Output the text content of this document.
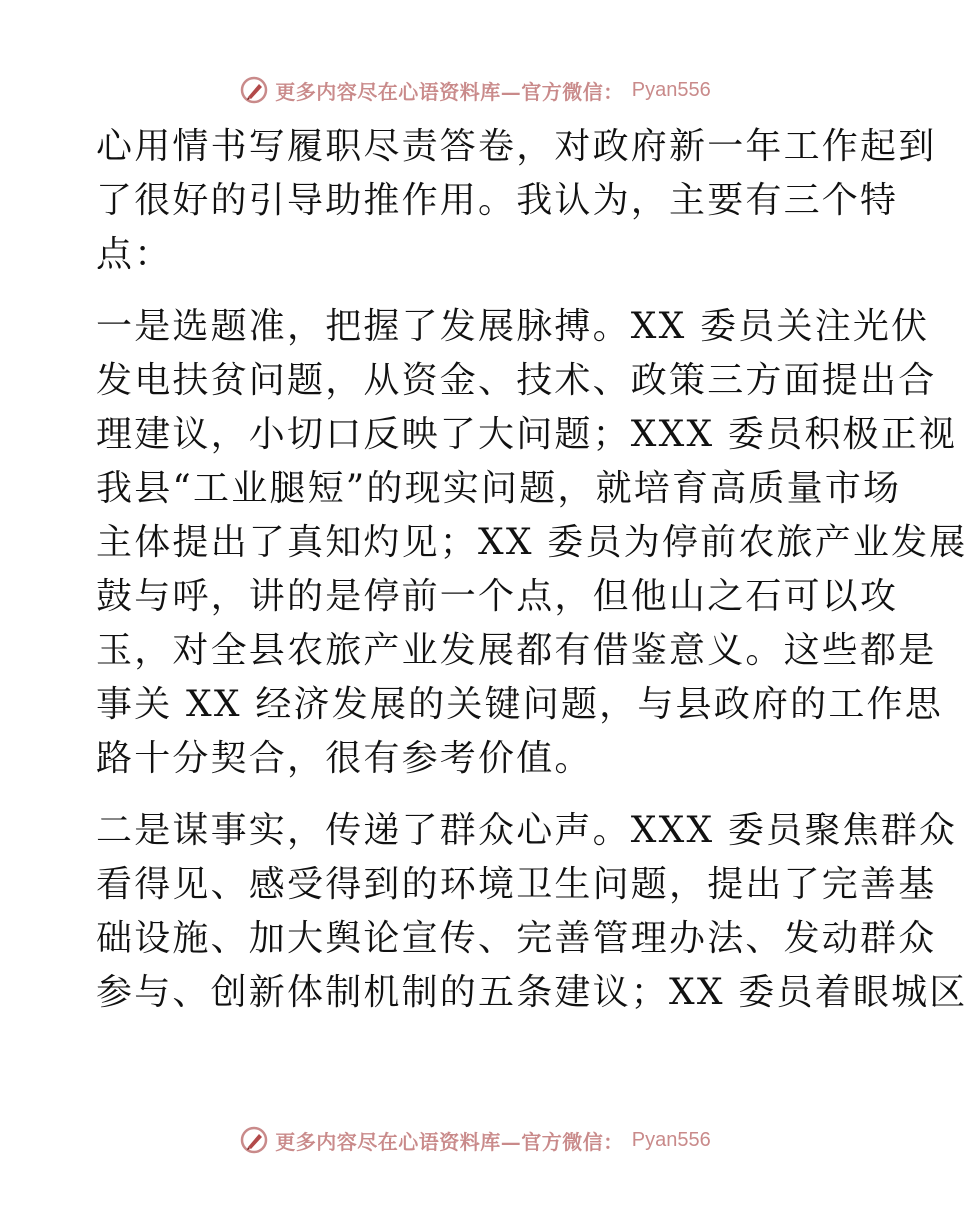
更多内容尽在心语资料库—官方微信： Pyan556
心用情书写履职尽责答卷，对政府新一年工作起到
了很好的引导助推作用。我认为，主要有三个特
点：
一是选题准，把握了发展脉搏。XX 委员关注光伏
发电扶贫问题，从资金、技术、政策三方面提出合
理建议，小切口反映了大问题；XXX 委员积极正视
我县“工业腿短”的现实问题，就培育高质量市场
主体提出了真知灼见；XX 委员为停前农旅产业发展
鼓与呼，讲的是停前一个点，但他山之石可以攻
玉，对全县农旅产业发展都有借鉴意义。这些都是
事关 XX 经济发展的关键问题，与县政府的工作思
路十分契合，很有参考价值。
二是谋事实，传递了群众心声。XXX 委员聚焦群众
看得见、感受得到的环境卫生问题，提出了完善基
础设施、加大舆论宣传、完善管理办法、发动群众
参与、创新体制机制的五条建议；XX 委员着眼城区
更多内容尽在心语资料库—官方微信： Pyan556
